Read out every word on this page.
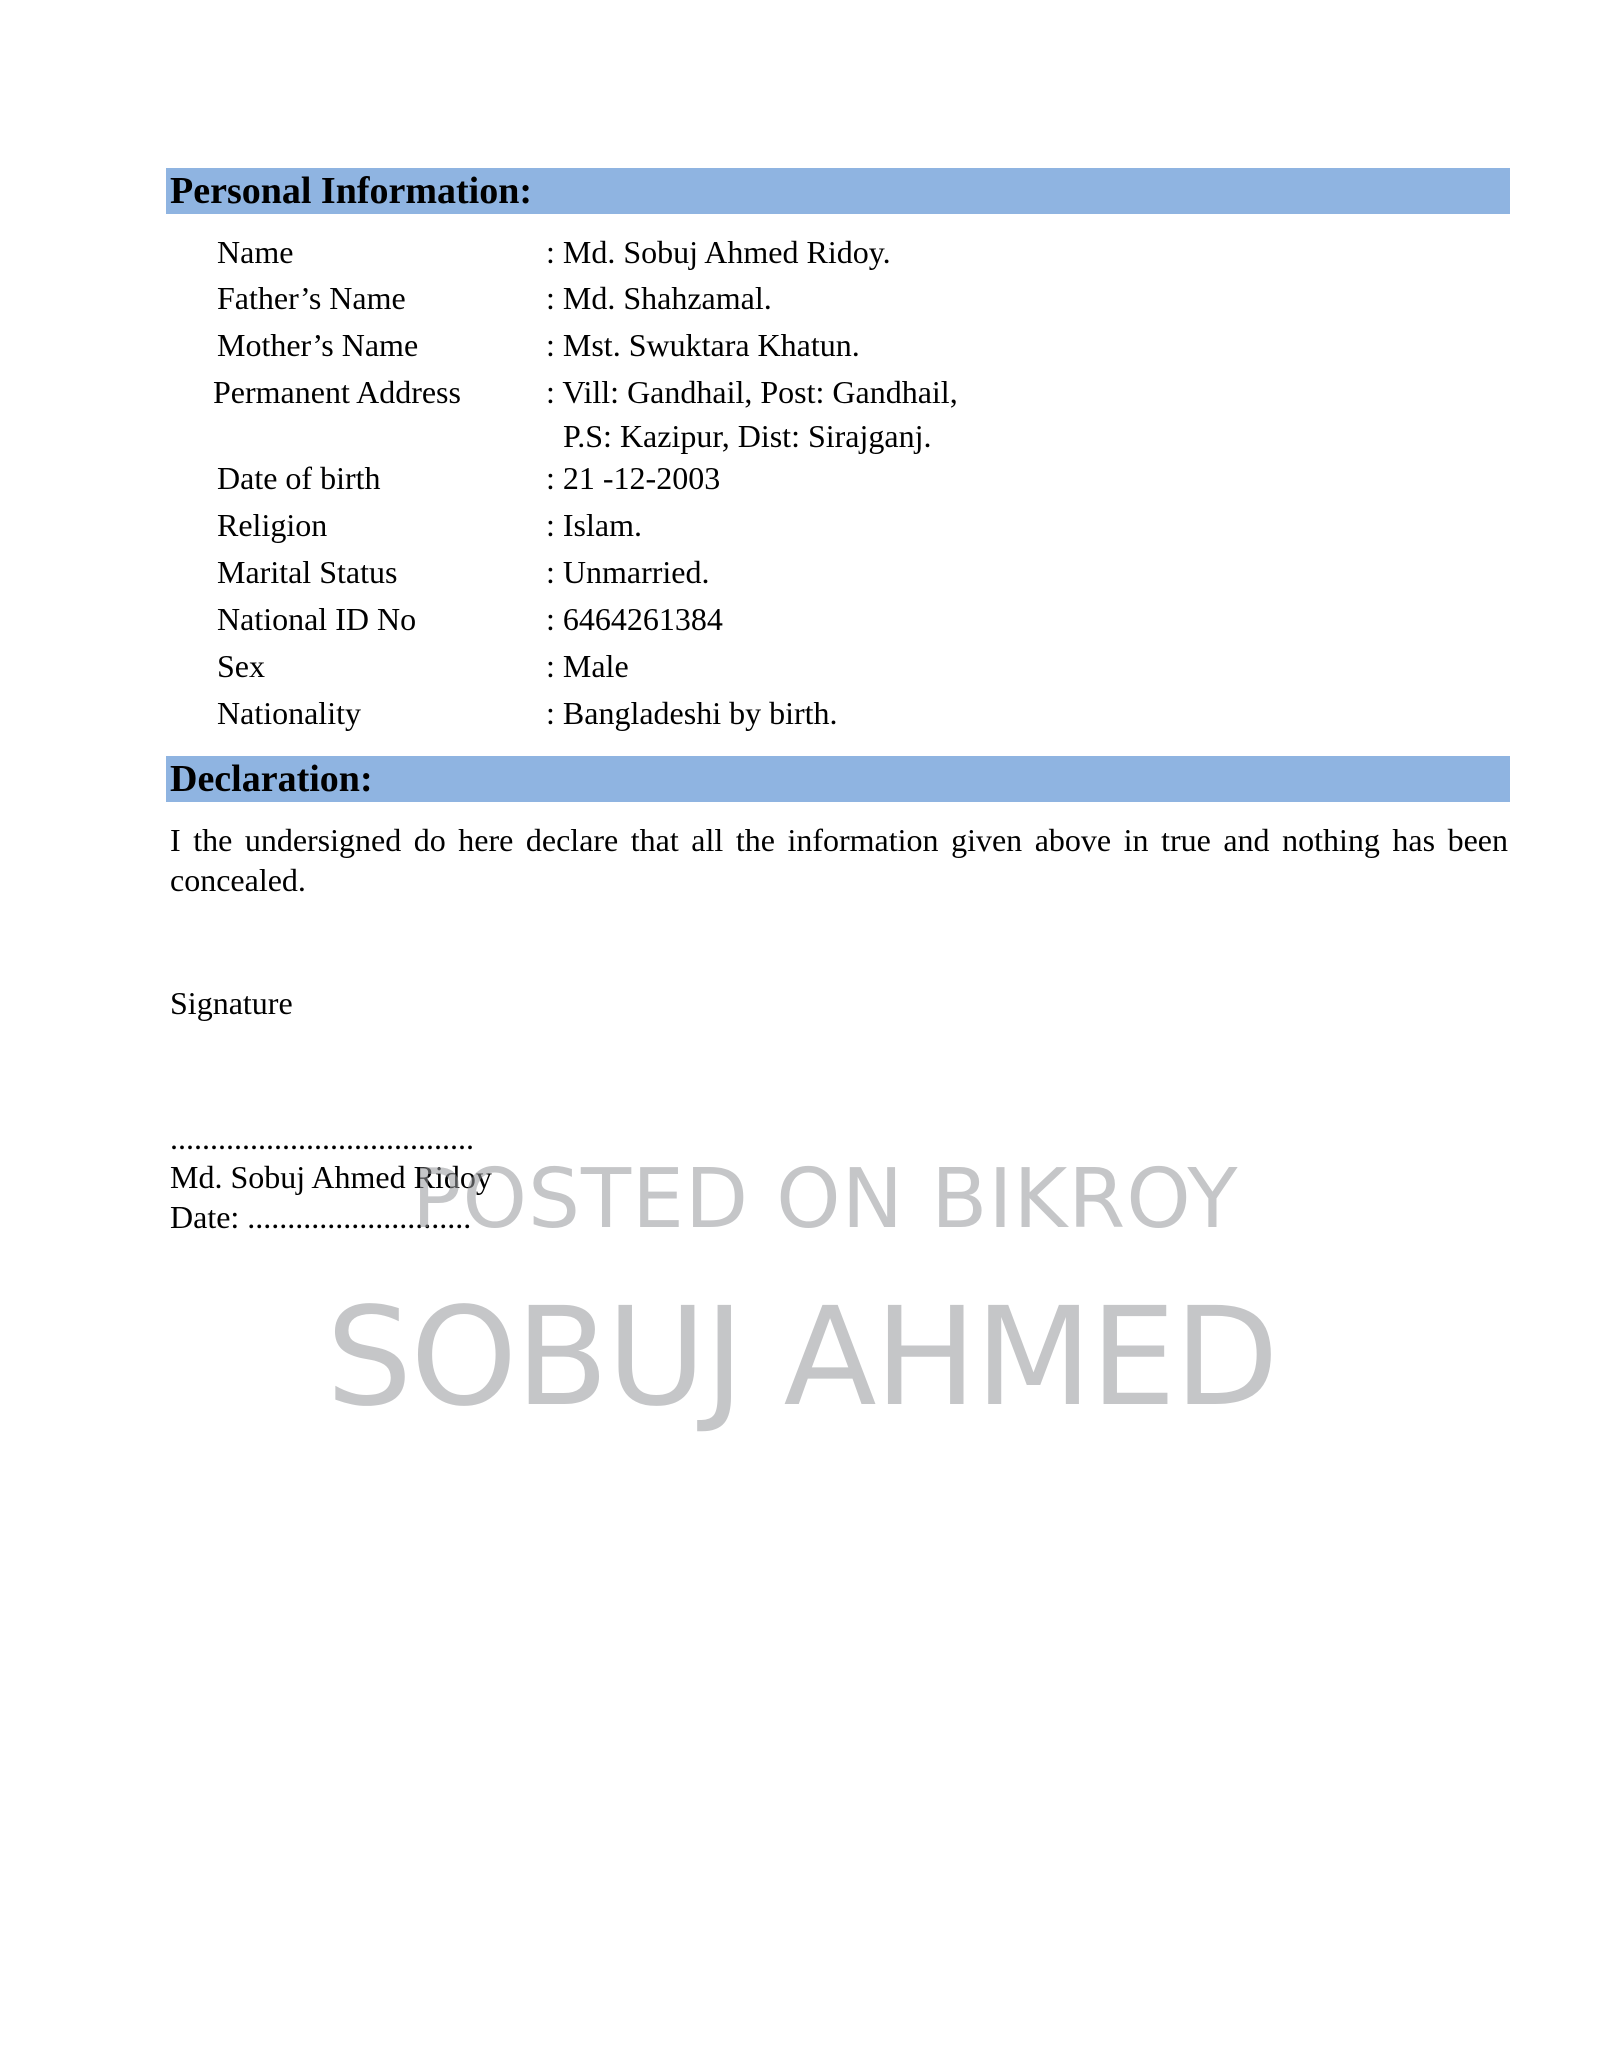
Personal Information:
Name	: Md. Sobuj Ahmed Ridoy.
Father’s Name	: Md. Shahzamal.
Mother’s Name	: Mst. Swuktara Khatun.
Permanent Address	: Vill: Gandhail, Post: Gandhail,
P.S: Kazipur, Dist: Sirajganj.
Date of birth	: 21 -12-2003
Religion	: Islam.
Marital Status	: Unmarried.
National ID No	: 6464261384
Sex	: Male
Nationality	: Bangladeshi by birth.
Declaration:
I the undersigned do here declare that all the information given above in true and nothing has been concealed.
Signature
......................................
Md. Sobuj Ahmed Ridoy
Date: ............................
POSTED ON BIKROY
SOBUJ AHMED
